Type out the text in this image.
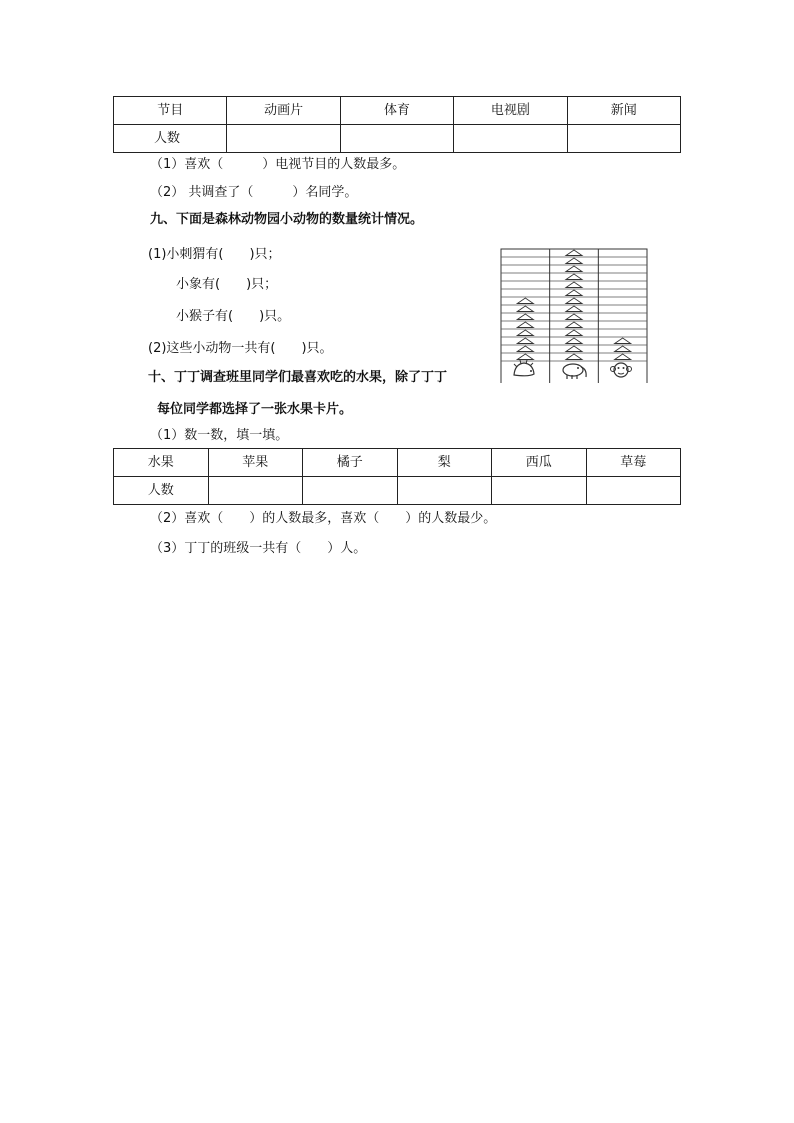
节目	动画片	体育	电视剧	新闻
人数				
（1）喜欢（　　　）电视节目的人数最多。
（2） 共调查了（　　　）名同学。
九、下面是森林动物园小动物的数量统计情况。
(1)小刺猬有(　　)只；
小象有(　　)只；
小猴子有(　　)只。
(2)这些小动物一共有(　　)只。
十、丁丁调查班里同学们最喜欢吃的水果，除了丁丁
每位同学都选择了一张水果卡片。
（1）数一数，填一填。
水果	苹果	橘子	梨	西瓜	草莓
人数					
（2）喜欢（　　）的人数最多，喜欢（　　）的人数最少。
（3）丁丁的班级一共有（　　）人。
